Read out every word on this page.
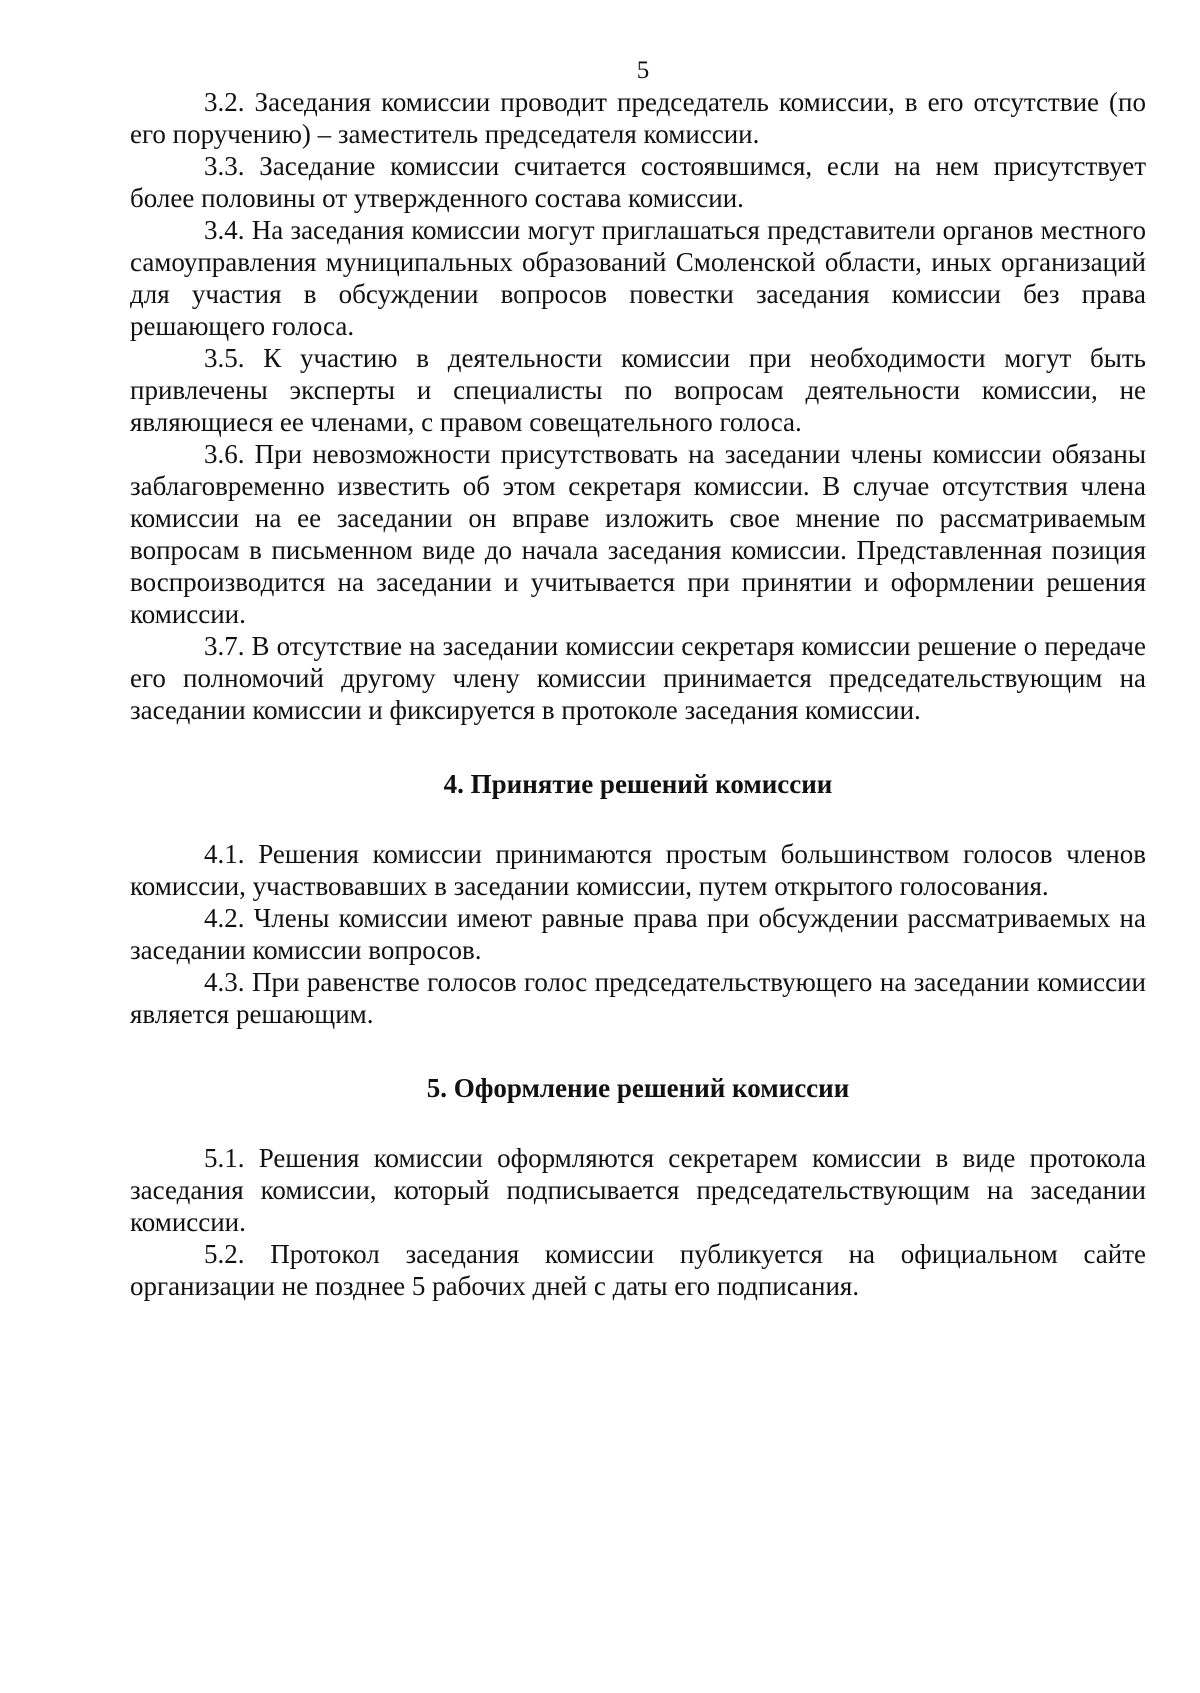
5

3.2. Заседания комиссии проводит председатель комиссии, в его отсутствие (по его поручению) – заместитель председателя комиссии.

3.3. Заседание комиссии считается состоявшимся, если на нем присутствует более половины от утвержденного состава комиссии.

3.4. На заседания комиссии могут приглашаться представители органов местного самоуправления муниципальных образований Смоленской области, иных организаций для участия в обсуждении вопросов повестки заседания комиссии без права решающего голоса.

3.5. К участию в деятельности комиссии при необходимости могут быть привлечены эксперты и специалисты по вопросам деятельности комиссии, не являющиеся ее членами, с правом совещательного голоса.

3.6. При невозможности присутствовать на заседании члены комиссии обязаны заблаговременно известить об этом секретаря комиссии. В случае отсутствия члена комиссии на ее заседании он вправе изложить свое мнение по рассматриваемым вопросам в письменном виде до начала заседания комиссии. Представленная позиция воспроизводится на заседании и учитывается при принятии и оформлении решения комиссии.

3.7. В отсутствие на заседании комиссии секретаря комиссии решение о передаче его полномочий другому члену комиссии принимается председательствующим на заседании комиссии и фиксируется в протоколе заседания комиссии.

4. Принятие решений комиссии

4.1. Решения комиссии принимаются простым большинством голосов членов комиссии, участвовавших в заседании комиссии, путем открытого голосования.

4.2. Члены комиссии имеют равные права при обсуждении рассматриваемых на заседании комиссии вопросов.

4.3. При равенстве голосов голос председательствующего на заседании комиссии является решающим.

5. Оформление решений комиссии

5.1. Решения комиссии оформляются секретарем комиссии в виде протокола заседания комиссии, который подписывается председательствующим на заседании комиссии.

5.2. Протокол заседания комиссии публикуется на официальном сайте организации не позднее 5 рабочих дней с даты его подписания.
